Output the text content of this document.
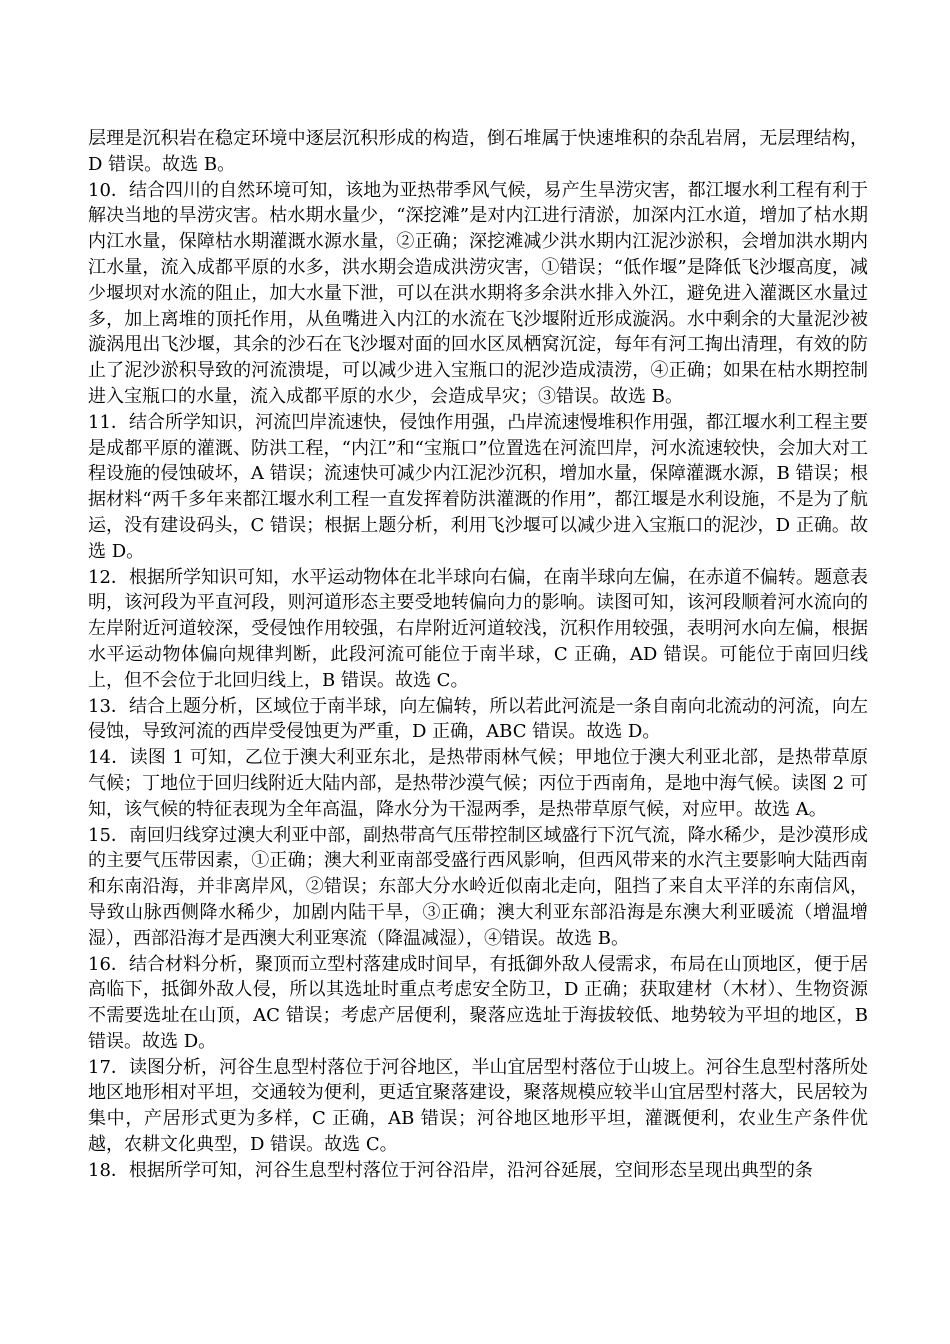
层理是沉积岩在稳定环境中逐层沉积形成的构造，倒石堆属于快速堆积的杂乱岩屑，无层理结构，D 错误。故选 B。

10．结合四川的自然环境可知，该地为亚热带季风气候，易产生旱涝灾害，都江堰水利工程有利于解决当地的旱涝灾害。枯水期水量少，“深挖滩”是对内江进行清淤，加深内江水道，增加了枯水期内江水量，保障枯水期灌溉水源水量，②正确；深挖滩减少洪水期内江泥沙淤积，会增加洪水期内江水量，流入成都平原的水多，洪水期会造成洪涝灾害，①错误；“低作堰”是降低飞沙堰高度，减少堰坝对水流的阻止，加大水量下泄，可以在洪水期将多余洪水排入外江，避免进入灌溉区水量过多，加上离堆的顶托作用，从鱼嘴进入内江的水流在飞沙堰附近形成漩涡。水中剩余的大量泥沙被漩涡甩出飞沙堰，其余的沙石在飞沙堰对面的回水区凤栖窝沉淀，每年有河工掏出清理，有效的防止了泥沙淤积导致的河流溃堤，可以减少进入宝瓶口的泥沙造成渍涝，④正确；如果在枯水期控制进入宝瓶口的水量，流入成都平原的水少，会造成旱灾；③错误。故选 B。

11．结合所学知识，河流凹岸流速快，侵蚀作用强，凸岸流速慢堆积作用强，都江堰水利工程主要是成都平原的灌溉、防洪工程，“内江”和“宝瓶口”位置选在河流凹岸，河水流速较快，会加大对工程设施的侵蚀破坏，A 错误；流速快可减少内江泥沙沉积，增加水量，保障灌溉水源，B 错误；根据材料“两千多年来都江堰水利工程一直发挥着防洪灌溉的作用”，都江堰是水利设施，不是为了航运，没有建设码头，C 错误；根据上题分析，利用飞沙堰可以减少进入宝瓶口的泥沙，D 正确。故选 D。

12．根据所学知识可知，水平运动物体在北半球向右偏，在南半球向左偏，在赤道不偏转。题意表明，该河段为平直河段，则河道形态主要受地转偏向力的影响。读图可知，该河段顺着河水流向的左岸附近河道较深，受侵蚀作用较强，右岸附近河道较浅，沉积作用较强，表明河水向左偏，根据水平运动物体偏向规律判断，此段河流可能位于南半球，C 正确，AD 错误。可能位于南回归线上，但不会位于北回归线上，B 错误。故选 C。

13．结合上题分析，区域位于南半球，向左偏转，所以若此河流是一条自南向北流动的河流，向左侵蚀，导致河流的西岸受侵蚀更为严重，D 正确，ABC 错误。故选 D。

14．读图 1 可知，乙位于澳大利亚东北，是热带雨林气候；甲地位于澳大利亚北部，是热带草原气候；丁地位于回归线附近大陆内部，是热带沙漠气候；丙位于西南角，是地中海气候。读图 2 可知，该气候的特征表现为全年高温，降水分为干湿两季，是热带草原气候，对应甲。故选 A。

15．南回归线穿过澳大利亚中部，副热带高气压带控制区域盛行下沉气流，降水稀少，是沙漠形成的主要气压带因素，①正确；澳大利亚南部受盛行西风影响，但西风带来的水汽主要影响大陆西南和东南沿海，并非离岸风，②错误；东部大分水岭近似南北走向，阻挡了来自太平洋的东南信风，导致山脉西侧降水稀少，加剧内陆干旱，③正确；澳大利亚东部沿海是东澳大利亚暖流（增温增湿），西部沿海才是西澳大利亚寒流（降温减湿），④错误。故选 B。

16．结合材料分析，聚顶而立型村落建成时间早，有抵御外敌人侵需求，布局在山顶地区，便于居高临下，抵御外敌人侵，所以其选址时重点考虑安全防卫，D 正确；获取建材（木材）、生物资源不需要选址在山顶，AC 错误；考虑产居便利，聚落应选址于海拔较低、地势较为平坦的地区，B 错误。故选 D。

17．读图分析，河谷生息型村落位于河谷地区，半山宜居型村落位于山坡上。河谷生息型村落所处地区地形相对平坦，交通较为便利，更适宜聚落建设，聚落规模应较半山宜居型村落大，民居较为集中，产居形式更为多样，C 正确，AB 错误；河谷地区地形平坦，灌溉便利，农业生产条件优越，农耕文化典型，D 错误。故选 C。

18．根据所学可知，河谷生息型村落位于河谷沿岸，沿河谷延展，空间形态呈现出典型的条
